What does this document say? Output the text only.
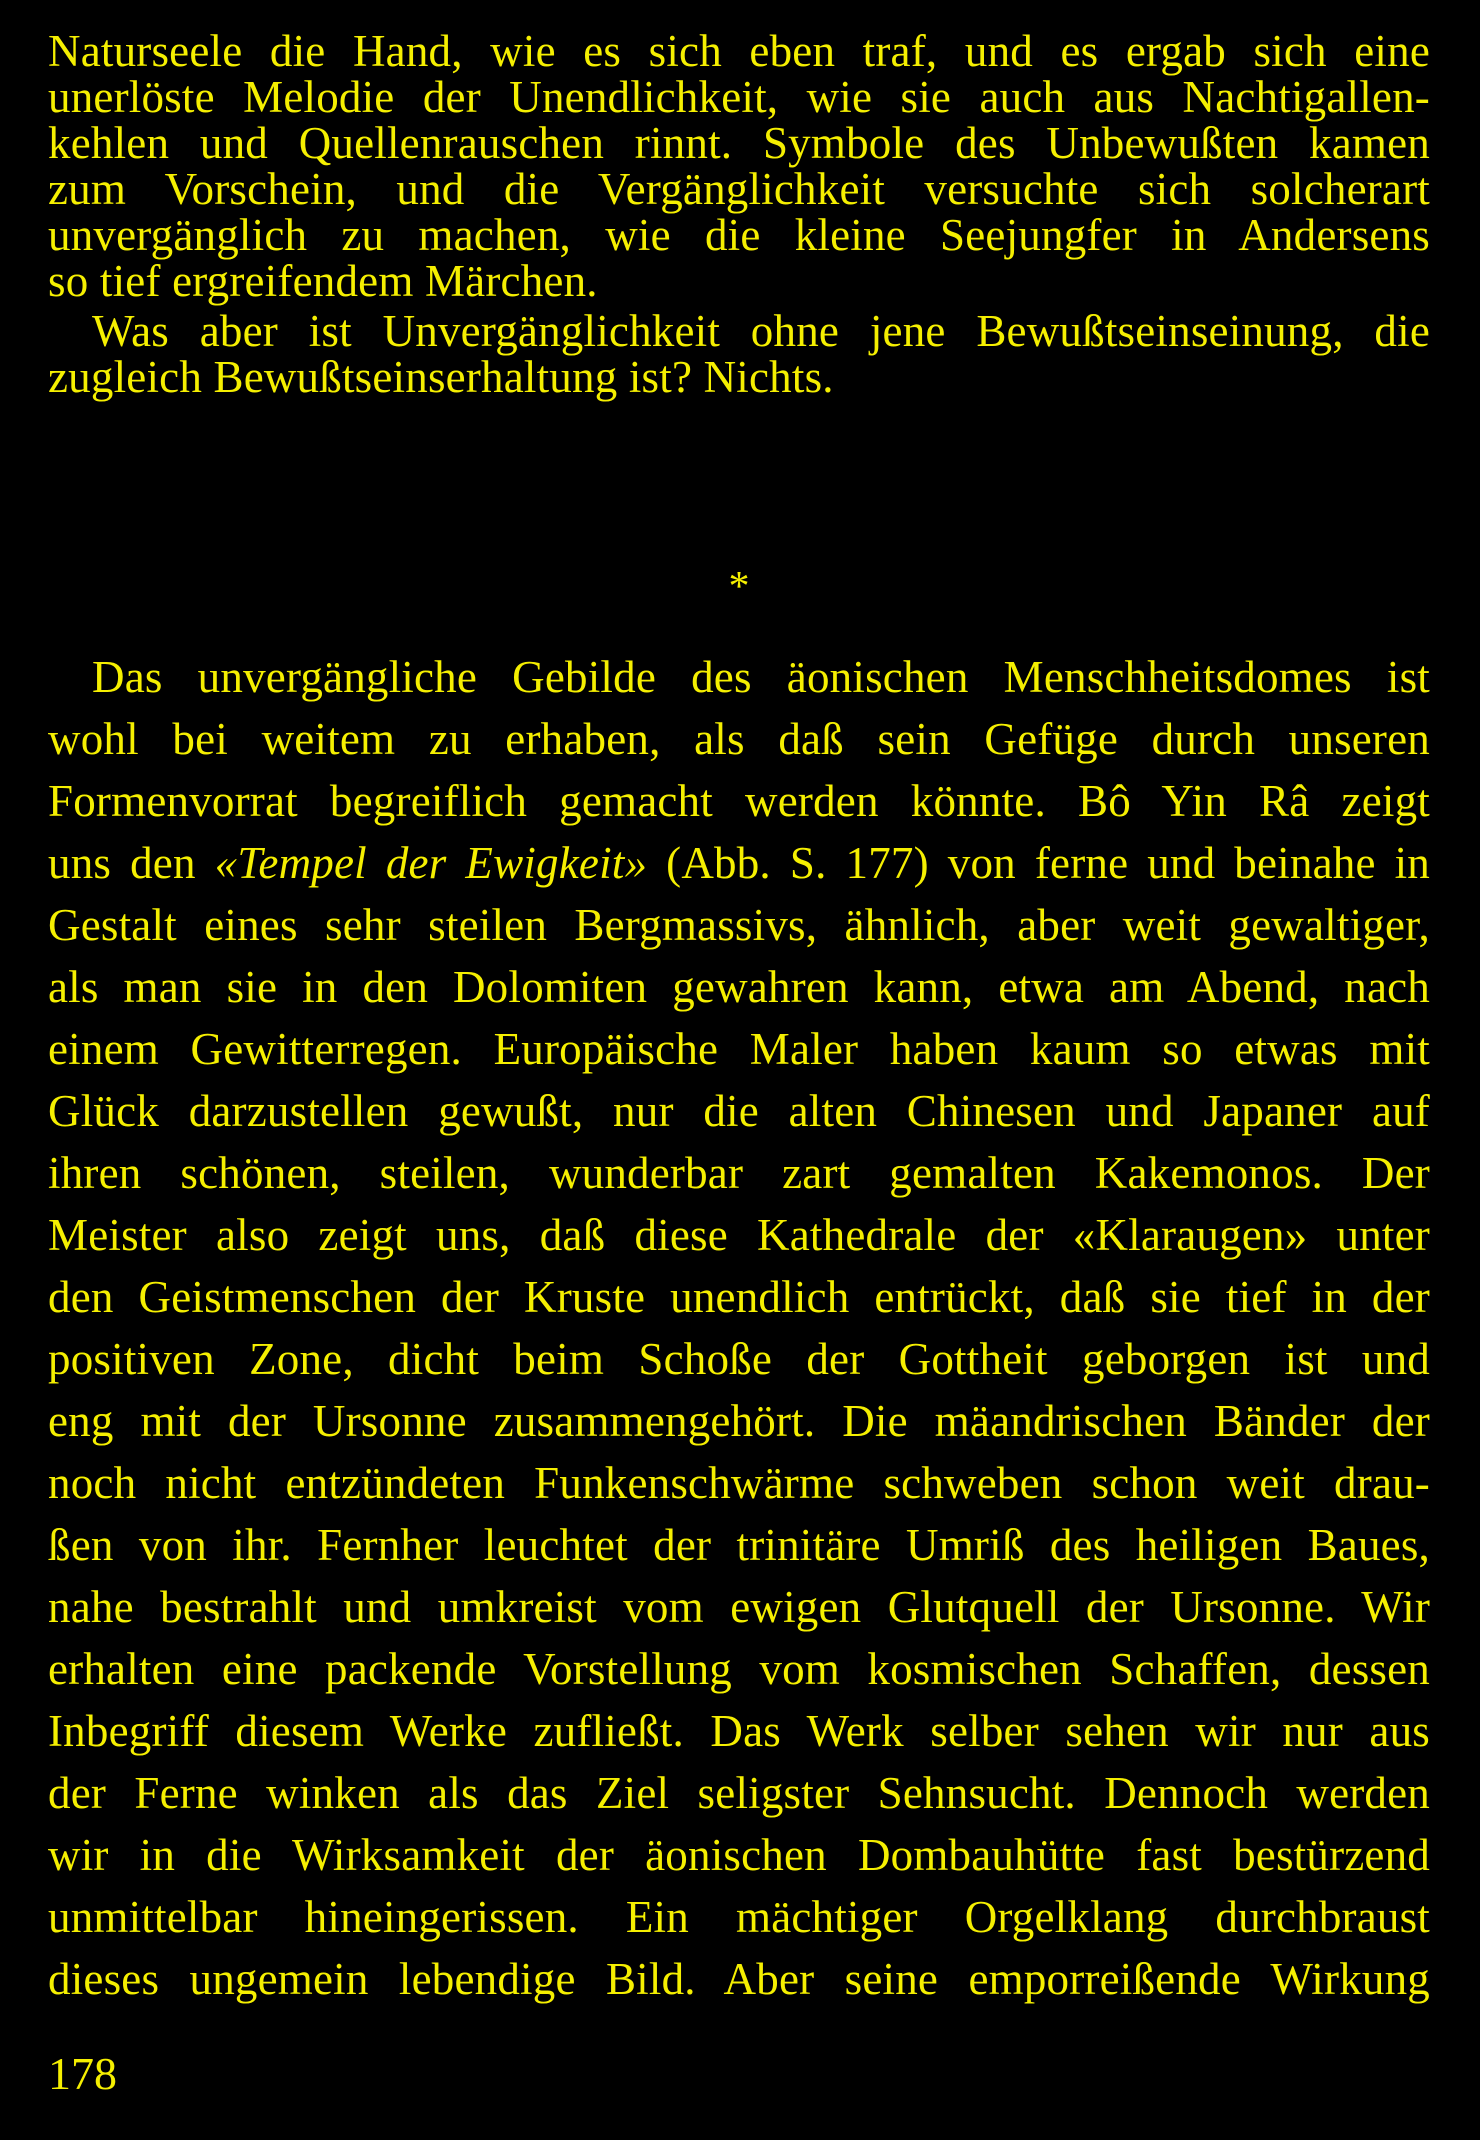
Naturseele die Hand, wie es sich eben traf, und es ergab sich eine
unerlöste Melodie der Unendlichkeit, wie sie auch aus Nachtigallen-
kehlen und Quellenrauschen rinnt. Symbole des Unbewußten kamen
zum Vorschein, und die Vergänglichkeit versuchte sich solcherart
unvergänglich zu machen, wie die kleine Seejungfer in Andersens
so tief ergreifendem Märchen.
Was aber ist Unvergänglichkeit ohne jene Bewußtseinseinung, die
zugleich Bewußtseinserhaltung ist? Nichts.
*
Das unvergängliche Gebilde des äonischen Menschheitsdomes ist
wohl bei weitem zu erhaben, als daß sein Gefüge durch unseren
Formenvorrat begreiflich gemacht werden könnte. Bô Yin Râ zeigt
uns den «Tempel der Ewigkeit» (Abb. S. 177) von ferne und beinahe in
Gestalt eines sehr steilen Bergmassivs, ähnlich, aber weit gewaltiger,
als man sie in den Dolomiten gewahren kann, etwa am Abend, nach
einem Gewitterregen. Europäische Maler haben kaum so etwas mit
Glück darzustellen gewußt, nur die alten Chinesen und Japaner auf
ihren schönen, steilen, wunderbar zart gemalten Kakemonos. Der
Meister also zeigt uns, daß diese Kathedrale der «Klaraugen» unter
den Geistmenschen der Kruste unendlich entrückt, daß sie tief in der
positiven Zone, dicht beim Schoße der Gottheit geborgen ist und
eng mit der Ursonne zusammengehört. Die mäandrischen Bänder der
noch nicht entzündeten Funkenschwärme schweben schon weit drau-
ßen von ihr. Fernher leuchtet der trinitäre Umriß des heiligen Baues,
nahe bestrahlt und umkreist vom ewigen Glutquell der Ursonne. Wir
erhalten eine packende Vorstellung vom kosmischen Schaffen, dessen
Inbegriff diesem Werke zufließt. Das Werk selber sehen wir nur aus
der Ferne winken als das Ziel seligster Sehnsucht. Dennoch werden
wir in die Wirksamkeit der äonischen Dombauhütte fast bestürzend
unmittelbar hineingerissen. Ein mächtiger Orgelklang durchbraust
dieses ungemein lebendige Bild. Aber seine emporreißende Wirkung
178
